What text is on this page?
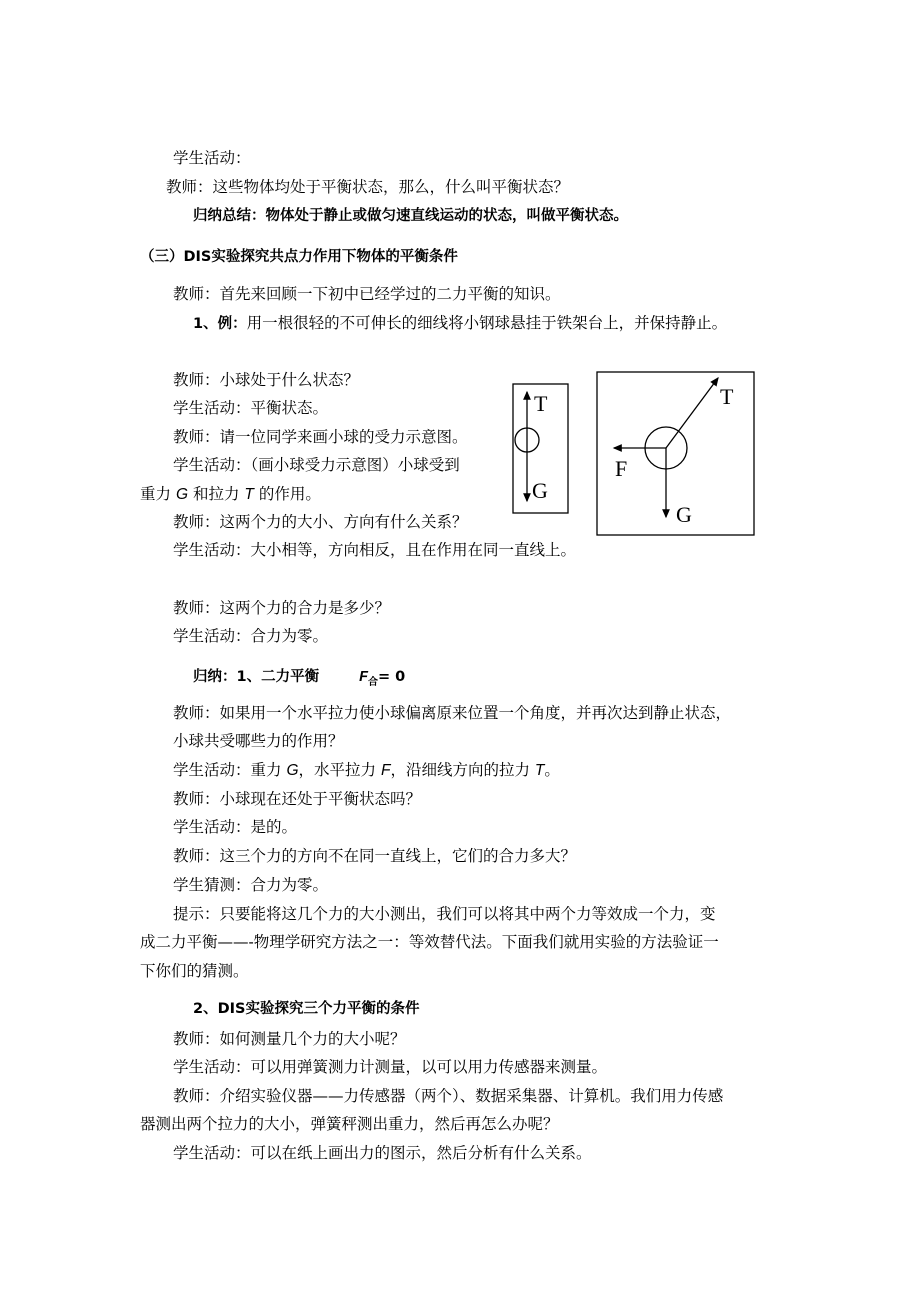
学生活动：
教师：这些物体均处于平衡状态，那么，什么叫平衡状态？
归纳总结：物体处于静止或做匀速直线运动的状态，叫做平衡状态。
（三）DIS实验探究共点力作用下物体的平衡条件
教师：首先来回顾一下初中已经学过的二力平衡的知识。
1、例：用一根很轻的不可伸长的细线将小钢球悬挂于铁架台上，并保持静止。
教师：小球处于什么状态？
学生活动：平衡状态。
教师：请一位同学来画小球的受力示意图。
学生活动：（画小球受力示意图）小球受到
重力 G 和拉力 T 的作用。
教师：这两个力的大小、方向有什么关系？
学生活动：大小相等，方向相反，且在作用在同一直线上。
教师：这两个力的合力是多少？
学生活动：合力为零。
归纳：1、二力平衡	$F_合= 0$
教师：如果用一个水平拉力使小球偏离原来位置一个角度，并再次达到静止状态，
小球共受哪些力的作用？
学生活动：重力 G，水平拉力 F，沿细线方向的拉力 T。
教师：小球现在还处于平衡状态吗？
学生活动：是的。
教师：这三个力的方向不在同一直线上，它们的合力多大？
学生猜测：合力为零。
提示：只要能将这几个力的大小测出，我们可以将其中两个力等效成一个力，变
成二力平衡——-物理学研究方法之一：等效替代法。下面我们就用实验的方法验证一
下你们的猜测。
2、DIS实验探究三个力平衡的条件
教师：如何测量几个力的大小呢？
学生活动：可以用弹簧测力计测量，以可以用力传感器来测量。
教师：介绍实验仪器——力传感器（两个）、数据采集器、计算机。我们用力传感
器测出两个拉力的大小，弹簧秤测出重力，然后再怎么办呢？
学生活动：可以在纸上画出力的图示，然后分析有什么关系。
T
G
T
F
G
